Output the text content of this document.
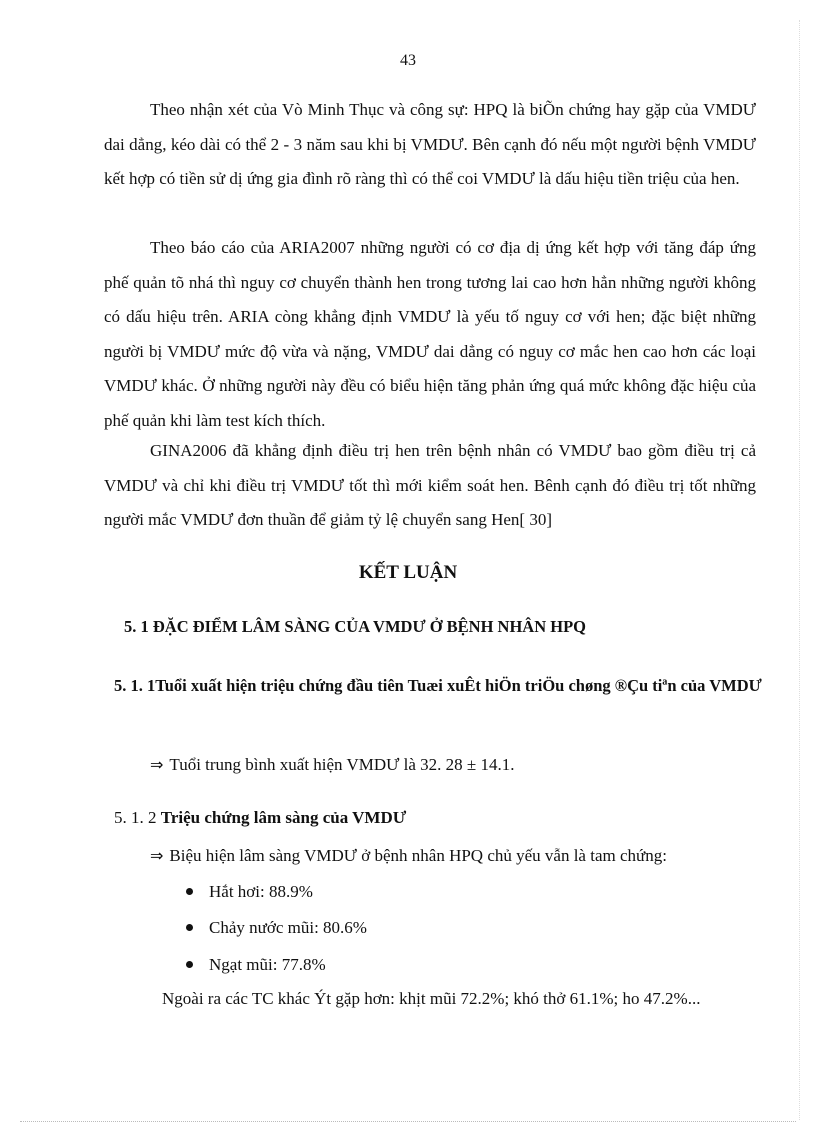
43

Theo nhận xét của Vò Minh Thục và công sự: HPQ là biÕn chứng hay gặp của VMDƯ dai dẳng, kéo dài có thể 2 - 3 năm sau khi bị VMDƯ. Bên cạnh đó nếu một người bệnh VMDƯ kết hợp có tiền sử dị ứng gia đình rõ ràng thì có thể coi VMDƯ là dấu hiệu tiền triệu của hen.

Theo báo cáo của ARIA2007 những người có cơ địa dị ứng kết hợp với tăng đáp ứng phế quản tõ nhá thì nguy cơ chuyển thành hen trong tương lai cao hơn hẳn những người không có dấu hiệu trên. ARIA còng khẳng định VMDƯ là yếu tố nguy cơ với hen; đặc biệt những người bị VMDƯ mức độ vừa và nặng, VMDƯ dai dẳng có nguy cơ mắc hen cao hơn các loại VMDƯ khác. Ở những người này đều có biểu hiện tăng phản ứng quá mức không đặc hiệu của phế quản khi làm test kích thích.

GINA2006 đã khẳng định điều trị hen trên bệnh nhân có VMDƯ bao gồm điều trị cả VMDƯ và chỉ khi điều trị VMDƯ tốt thì mới kiểm soát hen. Bênh cạnh đó điều trị tốt những người mắc VMDƯ đơn thuần để giảm tỷ lệ chuyển sang Hen[ 30]

KẾT LUẬN
5. 1 ĐẶC ĐIỂM LÂM SÀNG CỦA VMDƯ Ở BỆNH NHÂN HPQ
5. 1. 1Tuổi xuất hiện triệu chứng đầu tiên Tuæi xuÊt hiÖn triÖu chøng ®Çu tiªn của VMDƯ

⇒ Tuổi trung bình xuất hiện VMDƯ là 32. 28 ± 14.1.

5. 1. 2 Triệu chứng lâm sàng của VMDƯ

⇒ Biệu hiện lâm sàng VMDƯ ở bệnh nhân HPQ chủ yếu vẫn là tam chứng:

Hắt hơi: 88.9%

Chảy nước mũi: 80.6%

Ngạt mũi: 77.8%

Ngoài ra các TC khác Ýt gặp hơn: khịt mũi 72.2%; khó thở 61.1%; ho 47.2%...
